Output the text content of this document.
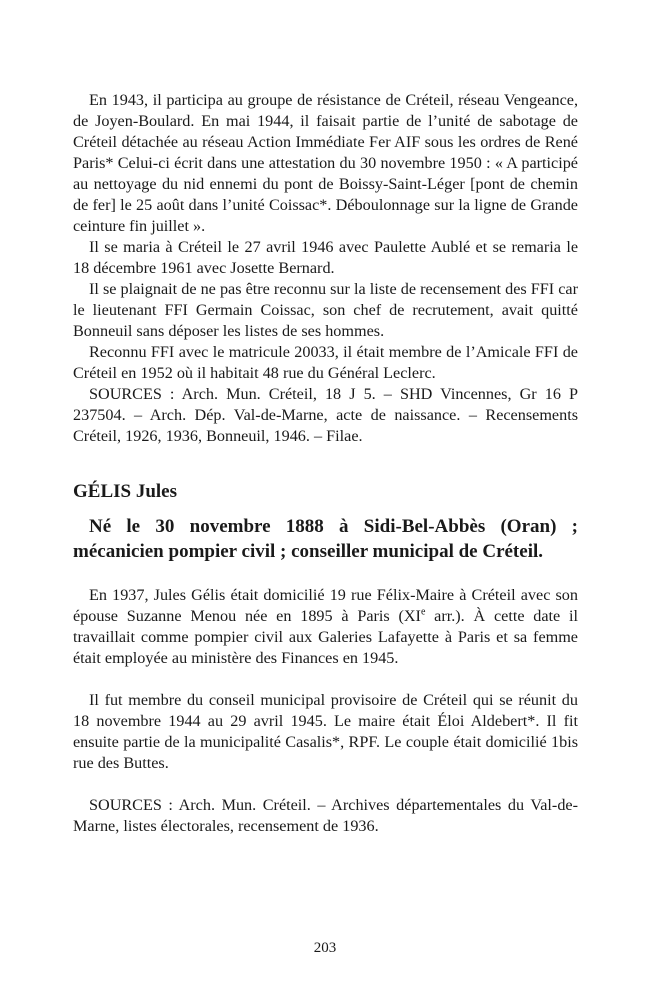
En 1943, il participa au groupe de résistance de Créteil, réseau Vengeance, de Joyen-Boulard. En mai 1944, il faisait partie de l’unité de sabotage de Créteil détachée au réseau Action Immédiate Fer AIF sous les ordres de René Paris* Celui-ci écrit dans une attestation du 30 novembre 1950 : « A participé au nettoyage du nid ennemi du pont de Boissy-Saint-Léger [pont de chemin de fer] le 25 août dans l’unité Coissac*. Déboulonnage sur la ligne de Grande ceinture fin juillet ».

Il se maria à Créteil le 27 avril 1946 avec Paulette Aublé et se remaria le 18 décembre 1961 avec Josette Bernard.

Il se plaignait de ne pas être reconnu sur la liste de recensement des FFI car le lieutenant FFI Germain Coissac, son chef de recrutement, avait quitté Bonneuil sans déposer les listes de ses hommes.

Reconnu FFI avec le matricule 20033, il était membre de l’Amicale FFI de Créteil en 1952 où il habitait 48 rue du Général Leclerc.

SOURCES : Arch. Mun. Créteil, 18 J 5. – SHD Vincennes, Gr 16 P 237504. – Arch. Dép. Val-de-Marne, acte de naissance. – Recensements Créteil, 1926, 1936, Bonneuil, 1946. – Filae.

GÉLIS Jules

Né le 30 novembre 1888 à Sidi-Bel-Abbès (Oran) ; mécanicien pompier civil ; conseiller municipal de Créteil.

En 1937, Jules Gélis était domicilié 19 rue Félix-Maire à Créteil avec son épouse Suzanne Menou née en 1895 à Paris (XIe arr.). À cette date il travaillait comme pompier civil aux Galeries Lafayette à Paris et sa femme était employée au ministère des Finances en 1945.

Il fut membre du conseil municipal provisoire de Créteil qui se réunit du 18 novembre 1944 au 29 avril 1945. Le maire était Éloi Aldebert*. Il fit ensuite partie de la municipalité Casalis*, RPF. Le couple était domicilié 1bis rue des Buttes.

SOURCES : Arch. Mun. Créteil. – Archives départementales du Val-de-Marne, listes électorales, recensement de 1936.

203
